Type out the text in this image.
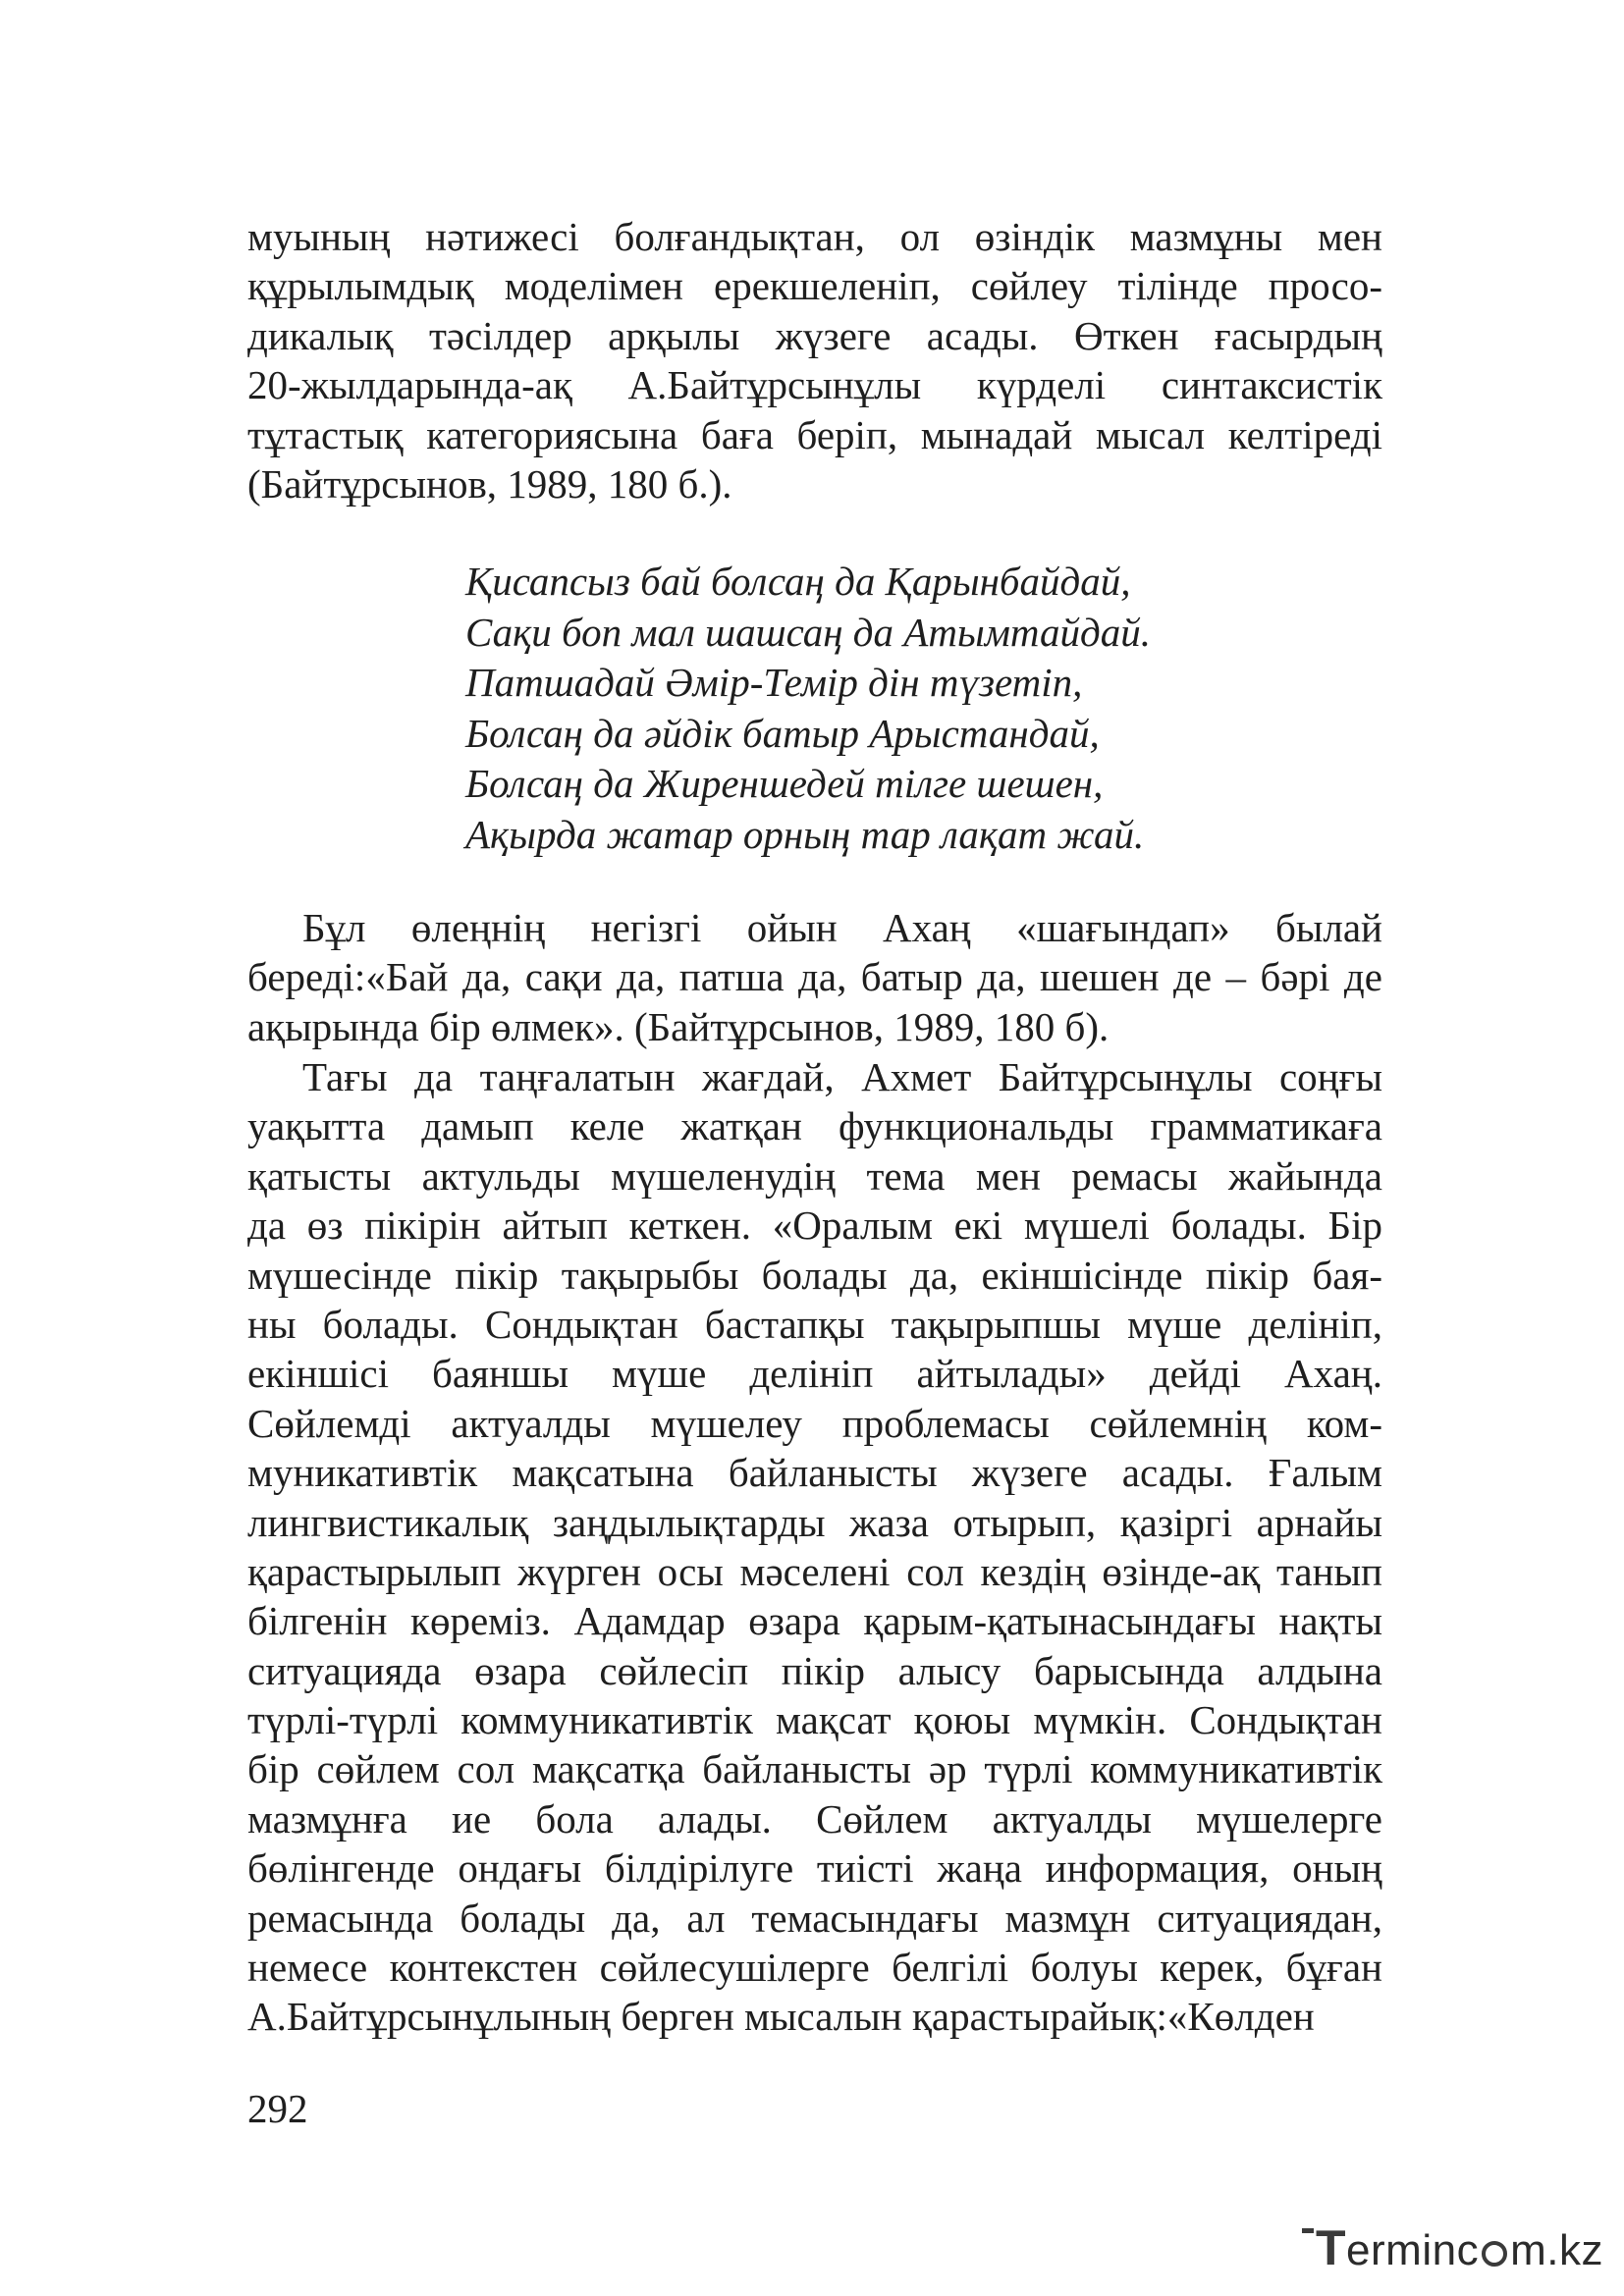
муының нәтижесі болғандықтан, ол өзіндік мазмұны мен
құрылымдық моделімен ерекшеленіп, сөйлеу тілінде просо-
дикалық тәсілдер арқылы жүзеге асады. Өткен ғасырдың
20-жылдарында-ақ А.Байтұрсынұлы күрделі синтаксистік
тұтастық категориясына баға беріп, мынадай мысал келтіреді
(Байтұрсынов, 1989, 180 б.).
Қисапсыз бай болсаң да Қарынбайдай,
Сақи боп мал шашсаң да Атымтайдай.
Патшадай Әмір-Темір дін түзетіп,
Болсаң да әйдік батыр Арыстандай,
Болсаң да Жиреншедей тілге шешен,
Ақырда жатар орның тар лақат жай.
Бұл өлеңнің негізгі ойын Ахаң «шағындап» былай
береді:«Бай да, сақи да, патша да, батыр да, шешен де – бәрі де
ақырында бір өлмек». (Байтұрсынов, 1989, 180 б).
Тағы да таңғалатын жағдай, Ахмет Байтұрсынұлы соңғы
уақытта дамып келе жатқан функциональды грамматикаға
қатысты актульды мүшеленудің тема мен ремасы жайында
да өз пікірін айтып кеткен. «Оралым екі мүшелі болады. Бір
мүшесінде пікір тақырыбы болады да, екіншісінде пікір бая-
ны болады. Сондықтан бастапқы тақырыпшы мүше делініп,
екіншісі баяншы мүше делініп айтылады» дейді Ахаң.
Сөйлемді актуалды мүшелеу проблемасы сөйлемнің ком-
муникативтік мақсатына байланысты жүзеге асады. Ғалым
лингвистикалық заңдылықтарды жаза отырып, қазіргі арнайы
қарастырылып жүрген осы мәселені сол кездің өзінде-ақ танып
білгенін көреміз. Адамдар өзара қарым-қатынасындағы нақты
ситуацияда өзара сөйлесіп пікір алысу барысында алдына
түрлі-түрлі коммуникативтік мақсат қоюы мүмкін. Сондықтан
бір сөйлем сол мақсатқа байланысты әр түрлі коммуникативтік
мазмұнға ие бола алады. Сөйлем актуалды мүшелерге
бөлінгенде ондағы білдірілуге тиісті жаңа информация, оның
ремасында болады да, ал темасындағы мазмұн ситуациядан,
немесе контекстен сөйлесушілерге белгілі болуы керек, бұған
А.Байтұрсынұлының берген мысалын қарастырайық:«Көлден
292
Terminc m.kz
